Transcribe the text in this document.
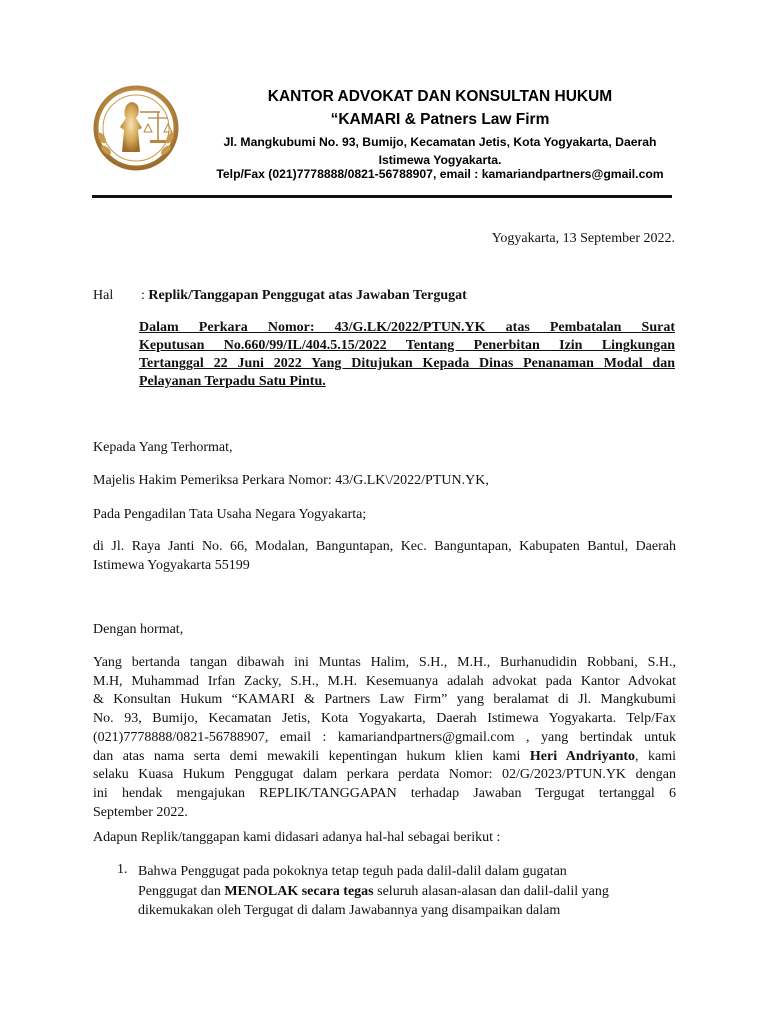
KANTOR ADVOKAT DAN KONSULTAN HUKUM
“KAMARI & Patners Law Firm
Jl. Mangkubumi No. 93, Bumijo, Kecamatan Jetis, Kota Yogyakarta, Daerah
Istimewa Yogyakarta.
Telp/Fax (021)7778888/0821-56788907, email : kamariandpartners@gmail.com
Yogyakarta, 13 September 2022.
Hal : Replik/Tanggapan Penggugat atas Jawaban Tergugat
Dalam Perkara Nomor: 43/G.LK/2022/PTUN.YK atas Pembatalan Surat
Keputusan No.660/99/IL/404.5.15/2022 Tentang Penerbitan Izin Lingkungan
Tertanggal 22 Juni 2022 Yang Ditujukan Kepada Dinas Penanaman Modal dan
Pelayanan Terpadu Satu Pintu.
Kepada Yang Terhormat,
Majelis Hakim Pemeriksa Perkara Nomor: 43/G.LK\/2022/PTUN.YK,
Pada Pengadilan Tata Usaha Negara Yogyakarta;
di Jl. Raya Janti No. 66, Modalan, Banguntapan, Kec. Banguntapan, Kabupaten Bantul, Daerah
Istimewa Yogyakarta 55199
Dengan hormat,
Yang bertanda tangan dibawah ini Muntas Halim, S.H., M.H., Burhanudidin Robbani, S.H.,
M.H, Muhammad Irfan Zacky, S.H., M.H. Kesemuanya adalah advokat pada Kantor Advokat
& Konsultan Hukum “KAMARI & Partners Law Firm” yang beralamat di Jl. Mangkubumi
No. 93, Bumijo, Kecamatan Jetis, Kota Yogyakarta, Daerah Istimewa Yogyakarta. Telp/Fax
(021)7778888/0821-56788907, email : kamariandpartners@gmail.com , yang bertindak untuk
dan atas nama serta demi mewakili kepentingan hukum klien kami Heri Andriyanto, kami
selaku Kuasa Hukum Penggugat dalam perkara perdata Nomor: 02/G/2023/PTUN.YK dengan
ini hendak mengajukan REPLIK/TANGGAPAN terhadap Jawaban Tergugat tertanggal 6
September 2022.
Adapun Replik/tanggapan kami didasari adanya hal-hal sebagai berikut :
1. Bahwa Penggugat pada pokoknya tetap teguh pada dalil-dalil dalam gugatan
Penggugat dan MENOLAK secara tegas seluruh alasan-alasan dan dalil-dalil yang
dikemukakan oleh Tergugat di dalam Jawabannya yang disampaikan dalam
